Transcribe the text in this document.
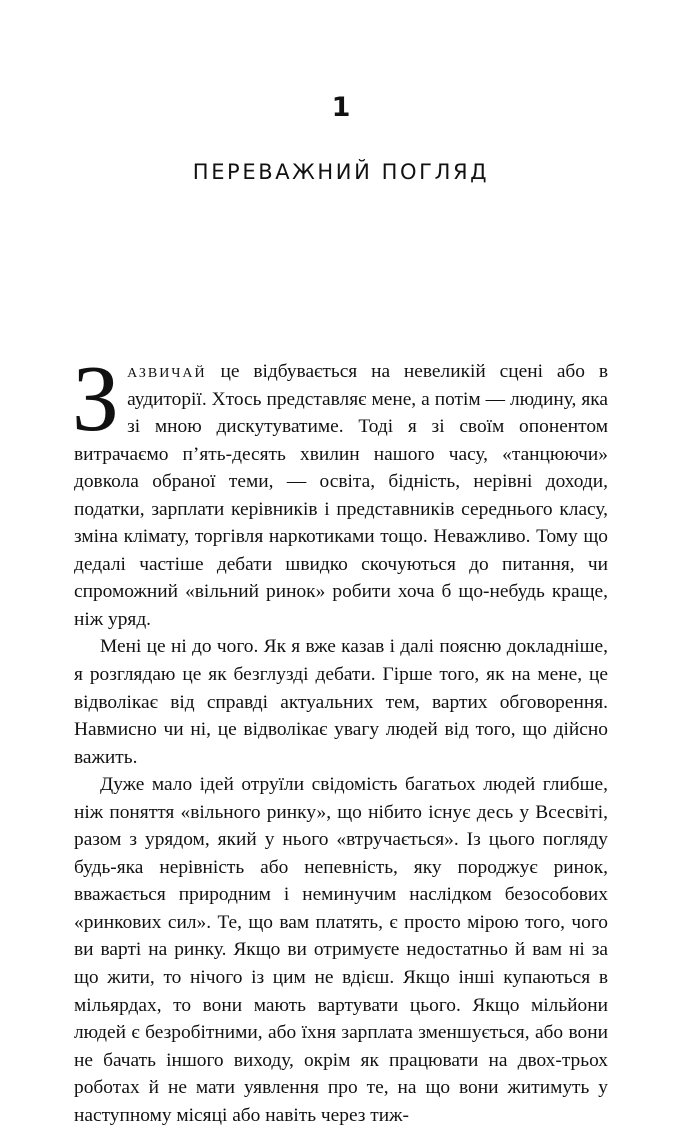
1
ПЕРЕВАЖНИЙ ПОГЛЯД

Зазвичай це відбувається на невеликій сцені або в аудиторії. Хтось представляє мене, а потім — людину, яка зі мною дискутуватиме. Тоді я зі своїм опонентом витрачаємо п’ять-десять хвилин нашого часу, «танцюючи» довкола обраної теми, — освіта, бідність, нерівні доходи, податки, зарплати керівників і представників середнього класу, зміна клімату, торгівля наркотиками тощо. Неважливо. Тому що дедалі частіше дебати швидко скочуються до питання, чи спроможний «вільний ринок» робити хоча б що-небудь краще, ніж уряд.

Мені це ні до чого. Як я вже казав і далі поясню докладніше, я розглядаю це як безглузді дебати. Гірше того, як на мене, це відволікає від справді актуальних тем, вартих обговорення. Навмисно чи ні, це відволікає увагу людей від того, що дійсно важить.

Дуже мало ідей отруїли свідомість багатьох людей глибше, ніж поняття «вільного ринку», що нібито існує десь у Всесвіті, разом з урядом, який у нього «втручається». Із цього погляду будь-яка нерівність або непевність, яку породжує ринок, вважається природним і неминучим наслідком безособових «ринкових сил». Те, що вам платять, є просто мірою того, чого ви варті на ринку. Якщо ви отримуєте недостатньо й вам ні за що жити, то нічого із цим не вдієш. Якщо інші купаються в мільярдах, то вони мають вартувати цього. Якщо мільйони людей є безробітними, або їхня зарплата зменшується, або вони не бачать іншого виходу, окрім як працювати на двох-трьох роботах й не мати уявлення про те, на що вони житимуть у наступному місяці або навіть через тиж-
